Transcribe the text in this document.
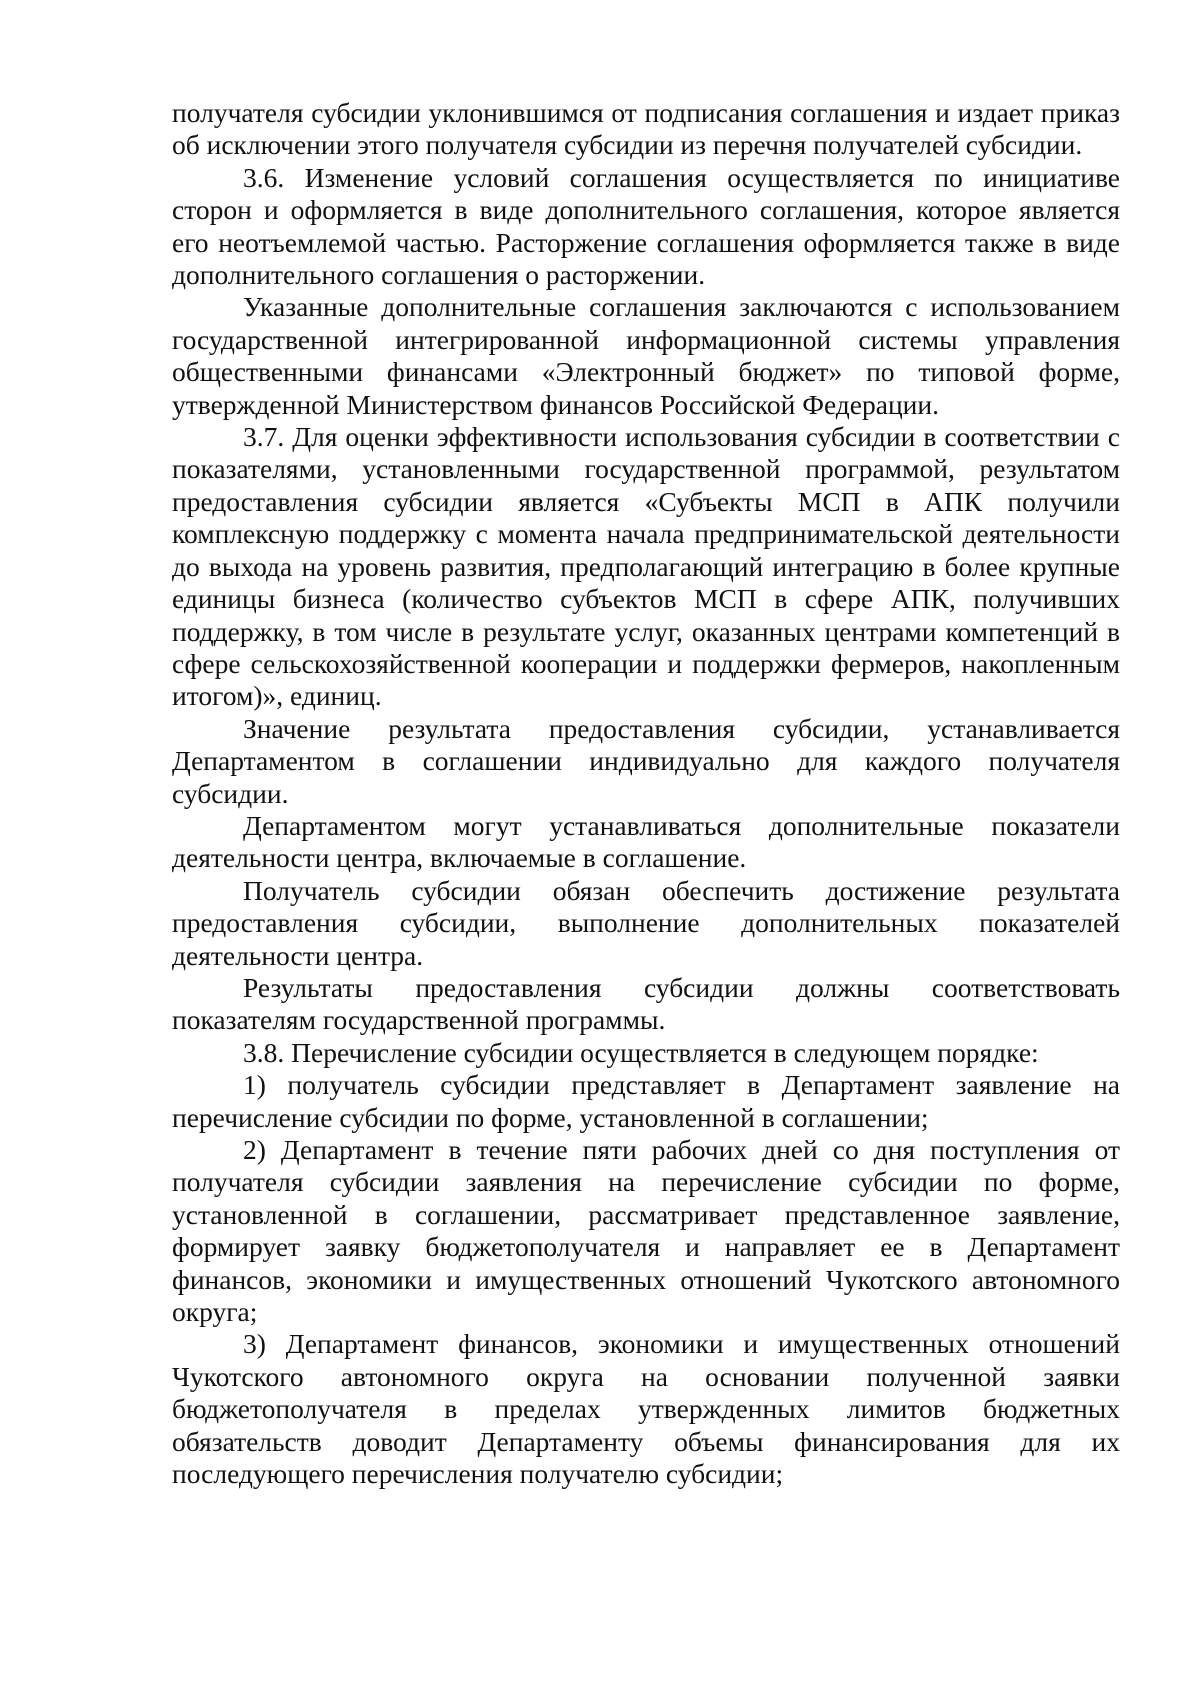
получателя субсидии уклонившимся от подписания соглашения и издает приказ об исключении этого получателя субсидии из перечня получателей субсидии.

3.6. Изменение условий соглашения осуществляется по инициативе сторон и оформляется в виде дополнительного соглашения, которое является его неотъемлемой частью. Расторжение соглашения оформляется также в виде дополнительного соглашения о расторжении.

Указанные дополнительные соглашения заключаются с использованием государственной интегрированной информационной системы управления общественными финансами «Электронный бюджет» по типовой форме, утвержденной Министерством финансов Российской Федерации.

3.7. Для оценки эффективности использования субсидии в соответствии с показателями, установленными государственной программой, результатом предоставления субсидии является «Субъекты МСП в АПК получили комплексную поддержку с момента начала предпринимательской деятельности до выхода на уровень развития, предполагающий интеграцию в более крупные единицы бизнеса (количество субъектов МСП в сфере АПК, получивших поддержку, в том числе в результате услуг, оказанных центрами компетенций в сфере сельскохозяйственной кооперации и поддержки фермеров, накопленным итогом)», единиц.

Значение результата предоставления субсидии, устанавливается Департаментом в соглашении индивидуально для каждого получателя субсидии.

Департаментом могут устанавливаться дополнительные показатели деятельности центра, включаемые в соглашение.

Получатель субсидии обязан обеспечить достижение результата предоставления субсидии, выполнение дополнительных показателей деятельности центра.

Результаты предоставления субсидии должны соответствовать показателям государственной программы.

3.8. Перечисление субсидии осуществляется в следующем порядке:

1) получатель субсидии представляет в Департамент заявление на перечисление субсидии по форме, установленной в соглашении;

2) Департамент в течение пяти рабочих дней со дня поступления от получателя субсидии заявления на перечисление субсидии по форме, установленной в соглашении, рассматривает представленное заявление, формирует заявку бюджетополучателя и направляет ее в Департамент финансов, экономики и имущественных отношений Чукотского автономного округа;

3) Департамент финансов, экономики и имущественных отношений Чукотского автономного округа на основании полученной заявки бюджетополучателя в пределах утвержденных лимитов бюджетных обязательств доводит Департаменту объемы финансирования для их последующего перечисления получателю субсидии;
